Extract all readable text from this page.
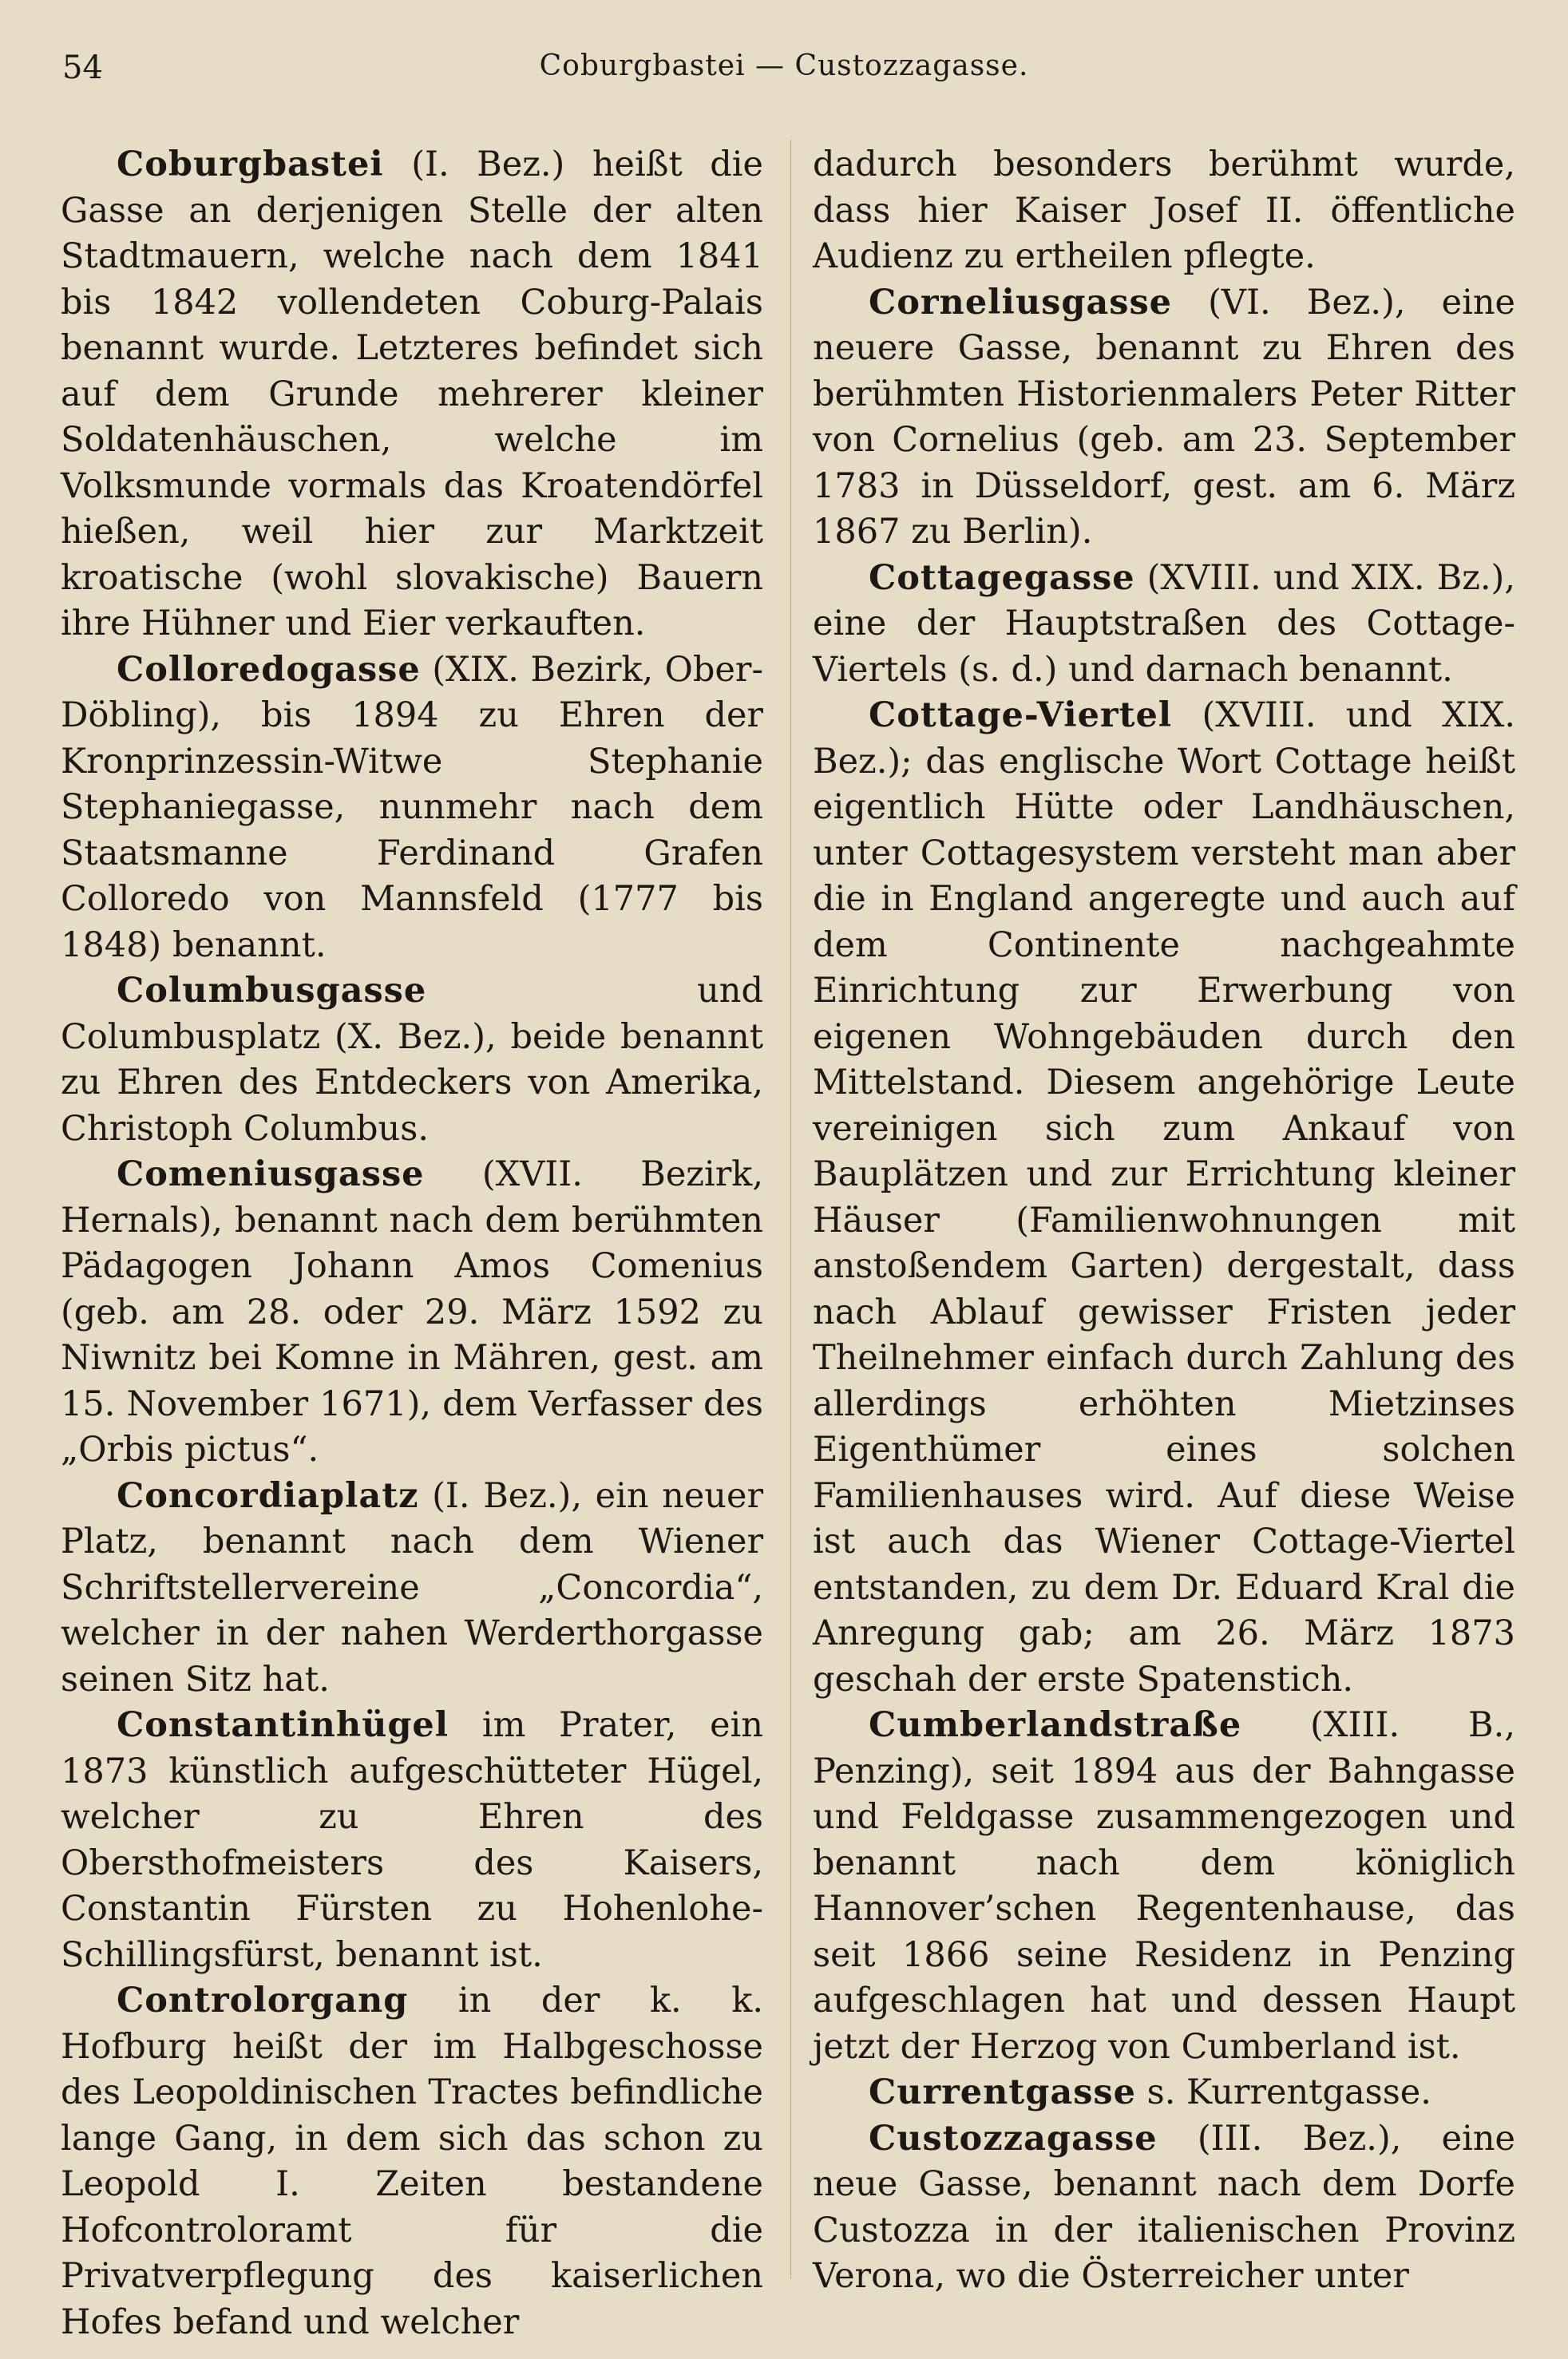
54	Coburgbastei — Custozzagasse.

Coburgbastei (I. Bez.) heißt die Gasse an derjenigen Stelle der alten Stadtmauern, welche nach dem 1841 bis 1842 vollendeten Coburg-Palais benannt wurde. Letzteres befindet sich auf dem Grunde mehrerer kleiner Soldatenhäuschen, welche im Volksmunde vormals das Kroatendörfel hießen, weil hier zur Marktzeit kroatische (wohl slovakische) Bauern ihre Hühner und Eier verkauften.

Colloredogasse (XIX. Bezirk, Ober-Döbling), bis 1894 zu Ehren der Kronprinzessin-Witwe Stephanie Stephaniegasse, nunmehr nach dem Staatsmanne Ferdinand Grafen Colloredo von Mannsfeld (1777 bis 1848) benannt.

Columbusgasse und Columbusplatz (X. Bez.), beide benannt zu Ehren des Entdeckers von Amerika, Christoph Columbus.

Comeniusgasse (XVII. Bezirk, Hernals), benannt nach dem berühmten Pädagogen Johann Amos Comenius (geb. am 28. oder 29. März 1592 zu Niwnitz bei Komne in Mähren, gest. am 15. November 1671), dem Verfasser des „Orbis pictus“.

Concordiaplatz (I. Bez.), ein neuer Platz, benannt nach dem Wiener Schriftstellervereine „Concordia“, welcher in der nahen Werderthorgasse seinen Sitz hat.

Constantinhügel im Prater, ein 1873 künstlich aufgeschütteter Hügel, welcher zu Ehren des Obersthofmeisters des Kaisers, Constantin Fürsten zu Hohenlohe-Schillingsfürst, benannt ist.

Controlorgang in der k. k. Hofburg heißt der im Halbgeschosse des Leopoldinischen Tractes befindliche lange Gang, in dem sich das schon zu Leopold I. Zeiten bestandene Hofcontroloramt für die Privatverpflegung des kaiserlichen Hofes befand und welcher

dadurch besonders berühmt wurde, dass hier Kaiser Josef II. öffentliche Audienz zu ertheilen pflegte.

Corneliusgasse (VI. Bez.), eine neuere Gasse, benannt zu Ehren des berühmten Historienmalers Peter Ritter von Cornelius (geb. am 23. September 1783 in Düsseldorf, gest. am 6. März 1867 zu Berlin).

Cottagegasse (XVIII. und XIX. Bz.), eine der Hauptstraßen des Cottage-Viertels (s. d.) und darnach benannt.

Cottage-Viertel (XVIII. und XIX. Bez.); das englische Wort Cottage heißt eigentlich Hütte oder Landhäuschen, unter Cottagesystem versteht man aber die in England angeregte und auch auf dem Continente nachgeahmte Einrichtung zur Erwerbung von eigenen Wohngebäuden durch den Mittelstand. Diesem angehörige Leute vereinigen sich zum Ankauf von Bauplätzen und zur Errichtung kleiner Häuser (Familienwohnungen mit anstoßendem Garten) dergestalt, dass nach Ablauf gewisser Fristen jeder Theilnehmer einfach durch Zahlung des allerdings erhöhten Mietzinses Eigenthümer eines solchen Familienhauses wird. Auf diese Weise ist auch das Wiener Cottage-Viertel entstanden, zu dem Dr. Eduard Kral die Anregung gab; am 26. März 1873 geschah der erste Spatenstich.

Cumberlandstraße (XIII. B., Penzing), seit 1894 aus der Bahngasse und Feldgasse zusammengezogen und benannt nach dem königlich Hannover’schen Regentenhause, das seit 1866 seine Residenz in Penzing aufgeschlagen hat und dessen Haupt jetzt der Herzog von Cumberland ist.

Currentgasse s. Kurrentgasse.

Custozzagasse (III. Bez.), eine neue Gasse, benannt nach dem Dorfe Custozza in der italienischen Provinz Verona, wo die Österreicher unter
